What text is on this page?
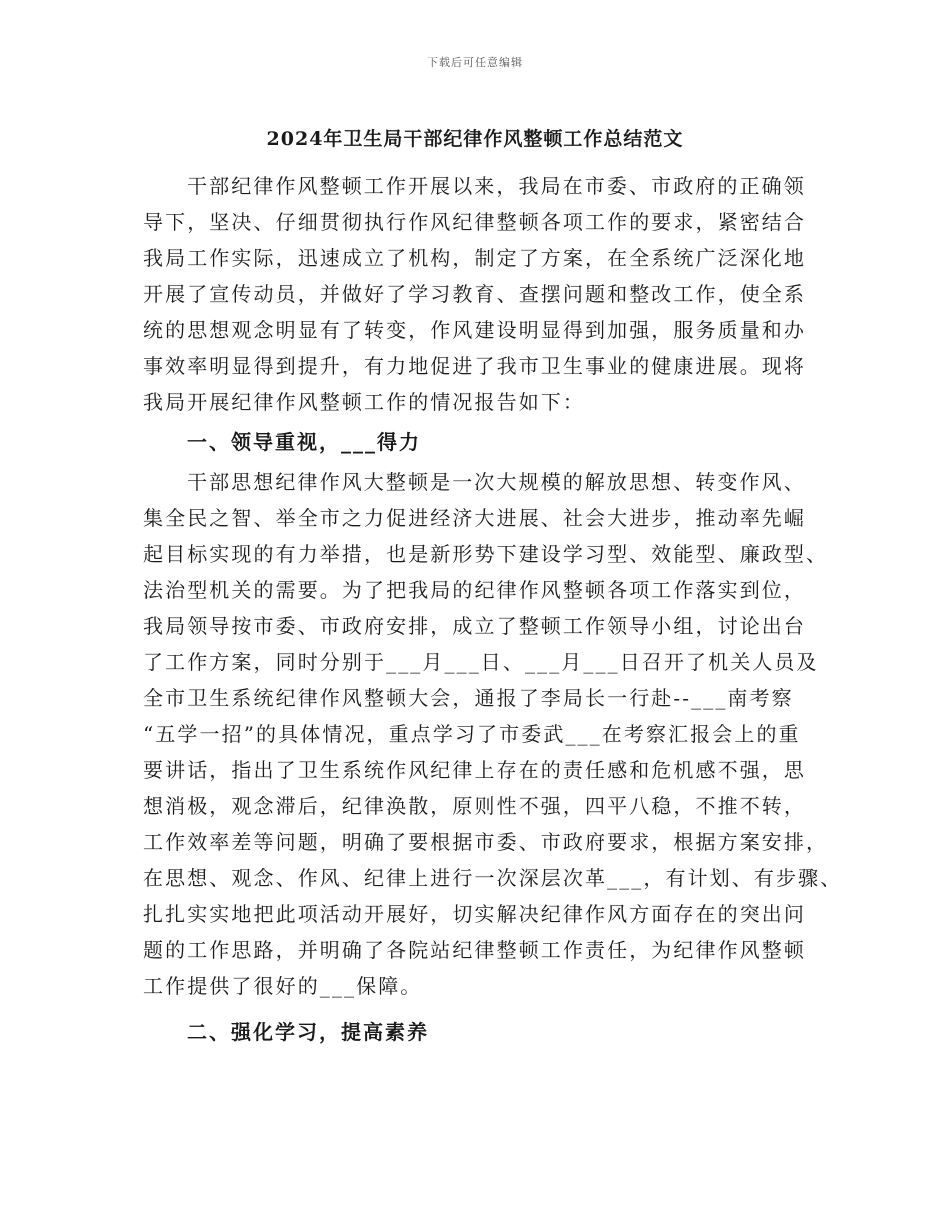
下载后可任意编辑
2024年卫生局干部纪律作风整顿工作总结范文
干部纪律作风整顿工作开展以来，我局在市委、市政府的正确领
导下，坚决、仔细贯彻执行作风纪律整顿各项工作的要求，紧密结合
我局工作实际，迅速成立了机构，制定了方案，在全系统广泛深化地
开展了宣传动员，并做好了学习教育、查摆问题和整改工作，使全系
统的思想观念明显有了转变，作风建设明显得到加强，服务质量和办
事效率明显得到提升，有力地促进了我市卫生事业的健康进展。现将
我局开展纪律作风整顿工作的情况报告如下：
一、领导重视，___得力
干部思想纪律作风大整顿是一次大规模的解放思想、转变作风、
集全民之智、举全市之力促进经济大进展、社会大进步，推动率先崛
起目标实现的有力举措，也是新形势下建设学习型、效能型、廉政型、
法治型机关的需要。为了把我局的纪律作风整顿各项工作落实到位，
我局领导按市委、市政府安排，成立了整顿工作领导小组，讨论出台
了工作方案，同时分别于___月___日、___月___日召开了机关人员及
全市卫生系统纪律作风整顿大会，通报了李局长一行赴--___南考察
“五学一招”的具体情况，重点学习了市委武___在考察汇报会上的重
要讲话，指出了卫生系统作风纪律上存在的责任感和危机感不强，思
想消极，观念滞后，纪律涣散，原则性不强，四平八稳，不推不转，
工作效率差等问题，明确了要根据市委、市政府要求，根据方案安排，
在思想、观念、作风、纪律上进行一次深层次革___，有计划、有步骤、
扎扎实实地把此项活动开展好，切实解决纪律作风方面存在的突出问
题的工作思路，并明确了各院站纪律整顿工作责任，为纪律作风整顿
工作提供了很好的___保障。
二、强化学习，提高素养
